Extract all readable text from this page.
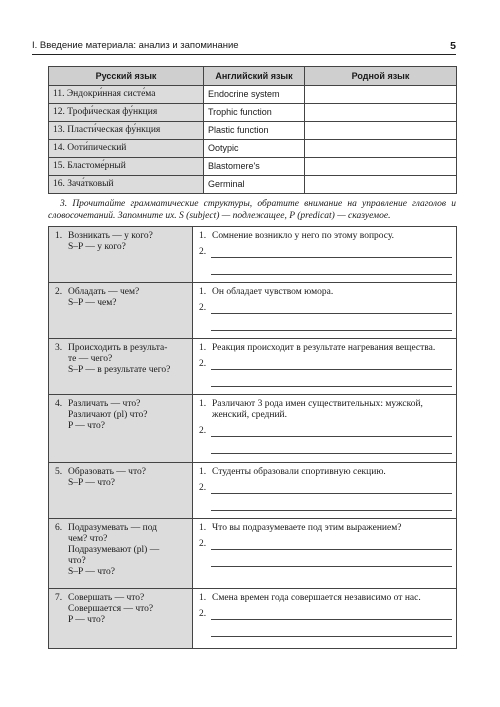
I. Введение материала: анализ и запоминание	5
Русский язык	Английский язык	Родной язык
11. Эндокри́нная систе́ма	Endocrine system	
12. Трофи́ческая фу́нкция	Trophic function	
13. Пласти́ческая фу́нкция	Plastic function	
14. Ооти́пический	Ootypic	
15. Бластоме́рный	Blastomere's	
16. Зача́тковый	Germinal	

3. Прочитайте грамматические структуры, обратите внимание на управление глаголов и словосочетаний. Запомните их. S (subject) — подлежащее, P (predicat) — сказуемое.

1. Возникать — у кого?
S–P — у кого?	1. Сомнение возникло у него по этому вопросу.
2.

2. Обладать — чем?
S–P — чем?	1. Он обладает чувством юмора.
2.

3. Происходить в результа-
те — чего?
S–P — в результате чего?	1. Реакция происходит в результате нагревания вещества.
2.

4. Различать — что?
Различают (pl) что?
P — что?	1. Различают 3 рода имен существительных: мужской, женский, средний.
2.

5. Образовать — что?
S–P — что?	1. Студенты образовали спортивную секцию.
2.

6. Подразумевать — под
чем? что?
Подразумевают (pl) —
что?
S–P — что?	1. Что вы подразумеваете под этим выражением?
2.

7. Совершать — что?
Совершается — что?
P — что?	1. Смена времен года совершается независимо от нас.
2.
